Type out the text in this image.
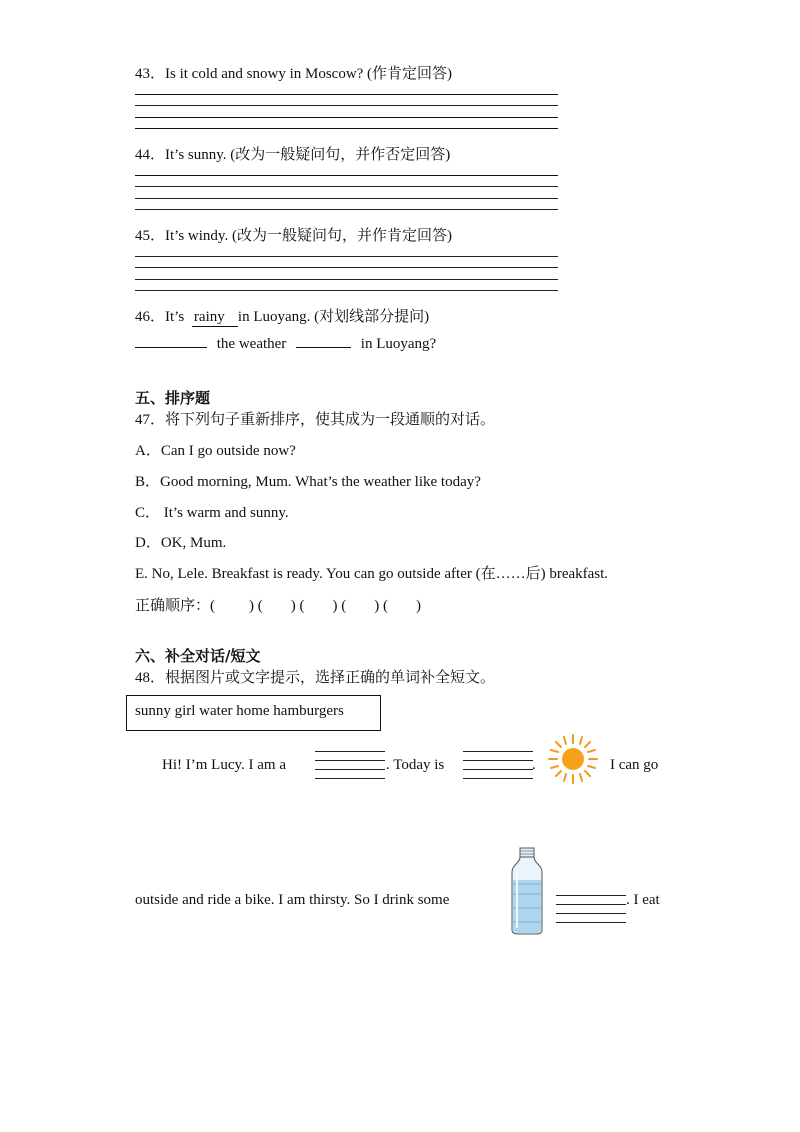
43．Is it cold and snowy in Moscow? (作肯定回答)
44．It’s sunny. (改为一般疑问句，并作否定回答)
45．It’s windy. (改为一般疑问句，并作肯定回答)
46．It’s rainy in Luoyang. (对划线部分提问)
the weather	in Luoyang?
五、排序题
47．将下列句子重新排序，使其成为一段通顺的对话。
A．Can I go outside now?
B．Good morning, Mum. What’s the weather like today?
C． It’s warm and sunny.
D．OK, Mum.
E. No, Lele. Breakfast is ready. You can go outside after (在……后) breakfast.
正确顺序：( ) ( ) ( ) ( ) ( )
六、补全对话/短文
48．根据图片或文字提示，选择正确的单词补全短文。
sunny girl water home hamburgers
Hi! I’m Lucy. I am a	. Today is	.	I can go
outside and ride a bike. I am thirsty. So I drink some	. I eat
